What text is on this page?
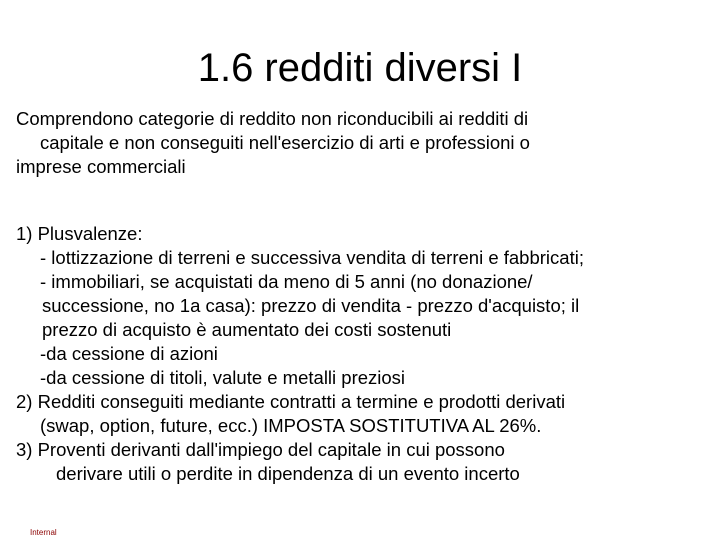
1.6 redditi diversi I
Comprendono categorie di reddito non riconducibili ai redditi di
capitale e non conseguiti nell'esercizio di arti e professioni o
imprese commerciali
1) Plusvalenze:
- lottizzazione di terreni e successiva vendita di terreni e fabbricati;
- immobiliari, se acquistati da meno di 5 anni (no donazione/
successione, no 1a casa): prezzo di vendita - prezzo d'acquisto; il
prezzo di acquisto è aumentato dei costi sostenuti
-da cessione di azioni
-da cessione di titoli, valute e metalli preziosi
2) Redditi conseguiti mediante contratti a termine e prodotti derivati
(swap, option, future, ecc.) IMPOSTA SOSTITUTIVA AL 26%.
3) Proventi derivanti dall'impiego del capitale in cui possono
derivare utili o perdite in dipendenza di un evento incerto
Internal
